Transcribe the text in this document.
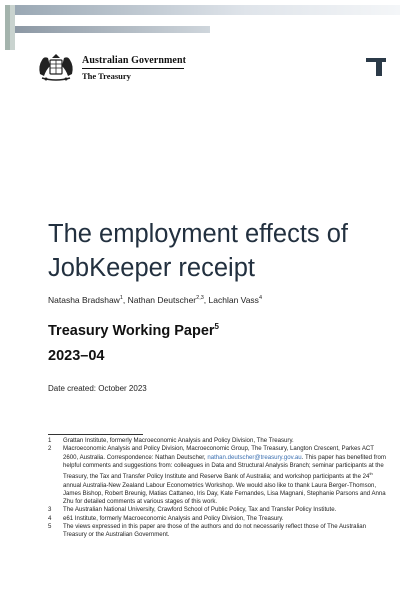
Australian Government
The Treasury
The employment effects of JobKeeper receipt
Natasha Bradshaw$^1$, Nathan Deutscher$^{2,3}$, Lachlan Vass$^4$
Treasury Working Paper$^5$
2023–04
Date created: October 2023
1	Grattan Institute, formerly Macroeconomic Analysis and Policy Division, The Treasury.
2	Macroeconomic Analysis and Policy Division, Macroeconomic Group, The Treasury, Langton Crescent, Parkes ACT 2600, Australia. Correspondence: Nathan Deutscher, nathan.deutscher@treasury.gov.au. This paper has benefited from helpful comments and suggestions from: colleagues in Data and Structural Analysis Branch; seminar participants at the Treasury, the Tax and Transfer Policy Institute and Reserve Bank of Australia; and workshop participants at the 24th annual Australia-New Zealand Labour Econometrics Workshop. We would also like to thank Laura Berger-Thomson, James Bishop, Robert Breunig, Matias Cattaneo, Iris Day, Kate Fernandes, Lisa Magnani, Stephanie Parsons and Anna Zhu for detailed comments at various stages of this work.
3	The Australian National University, Crawford School of Public Policy, Tax and Transfer Policy Institute.
4	e61 Institute, formerly Macroeconomic Analysis and Policy Division, The Treasury.
5	The views expressed in this paper are those of the authors and do not necessarily reflect those of The Australian Treasury or the Australian Government.
